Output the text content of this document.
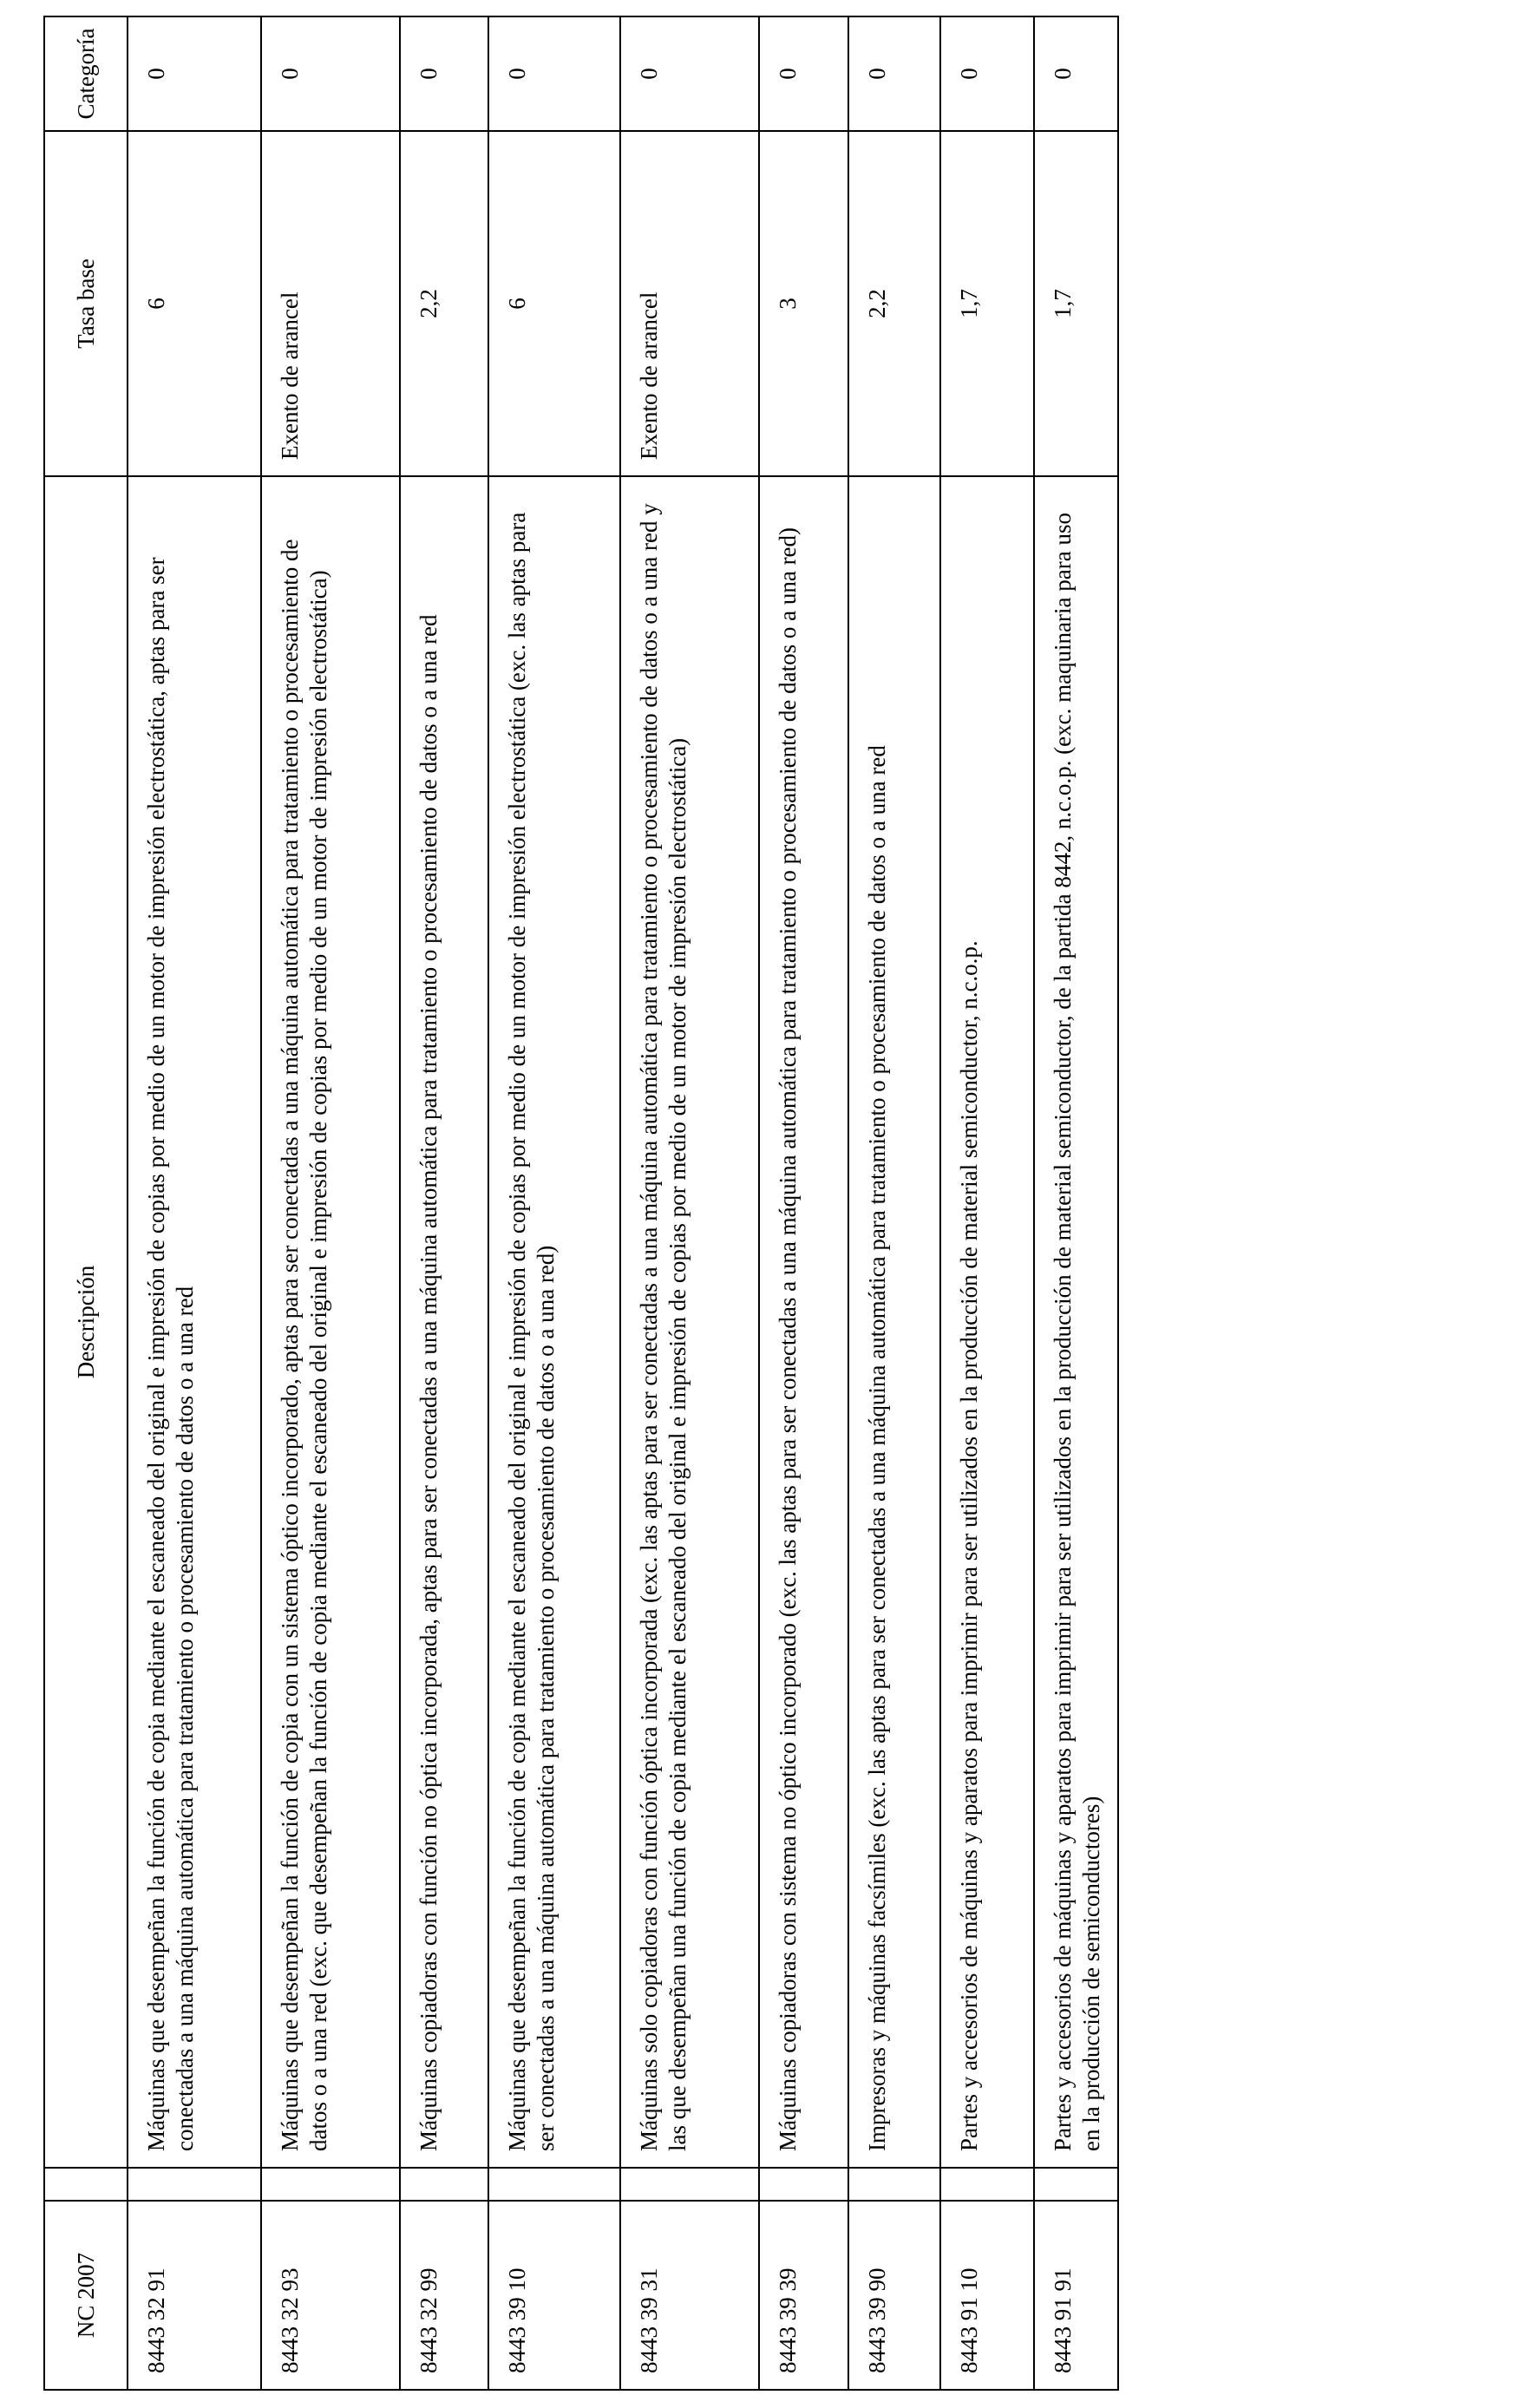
NC 2007		Descripción	Tasa base	Categoría
8443 32 91		Máquinas que desempeñan la función de copia mediante el escaneado del original e impresión de copias por medio de un motor de impresión electrostática, aptas para ser conectadas a una máquina automática para tratamiento o procesamiento de datos o a una red	6	0
8443 32 93		Máquinas que desempeñan la función de copia con un sistema óptico incorporado, aptas para ser conectadas a una máquina automática para tratamiento o procesamiento de datos o a una red (exc. que desempeñan la función de copia mediante el escaneado del original e impresión de copias por medio de un motor de impresión electrostática)	Exento de arancel	0
8443 32 99		Máquinas copiadoras con función no óptica incorporada, aptas para ser conectadas a una máquina automática para tratamiento o procesamiento de datos o a una red	2,2	0
8443 39 10		Máquinas que desempeñan la función de copia mediante el escaneado del original e impresión de copias por medio de un motor de impresión electrostática (exc. las aptas para ser conectadas a una máquina automática para tratamiento o procesamiento de datos o a una red)	6	0
8443 39 31		Máquinas solo copiadoras con función óptica incorporada (exc. las aptas para ser conectadas a una máquina automática para tratamiento o procesamiento de datos o a una red y las que desempeñan una función de copia mediante el escaneado del original e impresión de copias por medio de un motor de impresión electrostática)	Exento de arancel	0
8443 39 39		Máquinas copiadoras con sistema no óptico incorporado (exc. las aptas para ser conectadas a una máquina automática para tratamiento o procesamiento de datos o a una red)	3	0
8443 39 90		Impresoras y máquinas facsímiles (exc. las aptas para ser conectadas a una máquina automática para tratamiento o procesamiento de datos o a una red	2,2	0
8443 91 10		Partes y accesorios de máquinas y aparatos para imprimir para ser utilizados en la producción de material semiconductor, n.c.o.p.	1,7	0
8443 91 91		Partes y accesorios de máquinas y aparatos para imprimir para ser utilizados en la producción de material semiconductor, de la partida 8442, n.c.o.p. (exc. maquinaria para uso en la producción de semiconductores)	1,7	0
